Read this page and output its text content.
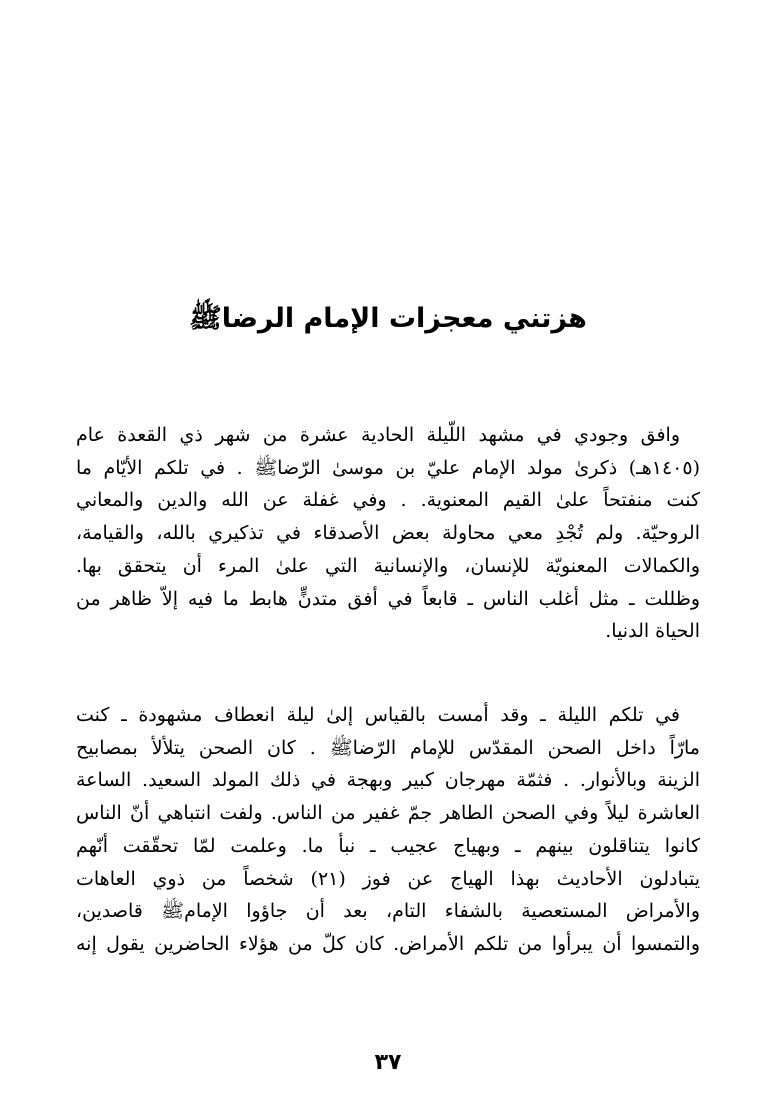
هزتني معجزات الإمام الرضاﷺ

وافق وجودي في مشهد اللّيلة الحادية عشرة من شهر ذي القعدة عام
(١٤٠٥هـ) ذكرىٰ مولد الإمام عليّ بن موسىٰ الرّضاﷺ . في تلكم الأيّام ما
كنت منفتحاً علىٰ القيم المعنوية. . وفي غفلة عن الله والدين والمعاني
الروحيّة. ولم تُجْدِ معي محاولة بعض الأصدقاء في تذكيري بالله، والقيامة،
والكمالات المعنويّة للإنسان، والإنسانية التي علىٰ المرء أن يتحقق بها.
وظللت ـ مثل أغلب الناس ـ قابعاً في أفق متدنٍّ هابط ما فيه إلاّ ظاهر من
الحياة الدنيا.

في تلكم الليلة ـ وقد أمست بالقياس إلىٰ ليلة انعطاف مشهودة ـ كنت
مارّاً داخل الصحن المقدّس للإمام الرّضاﷺ . كان الصحن يتلألأ بمصابيح
الزينة وبالأنوار. . فثمّة مهرجان كبير وبهجة في ذلك المولد السعيد. الساعة
العاشرة ليلاً وفي الصحن الطاهر جمّ غفير من الناس. ولفت انتباهي أنّ الناس
كانوا يتناقلون بينهم ـ وبهياج عجيب ـ نبأ ما. وعلمت لمّا تحقّقت أنّهم
يتبادلون الأحاديث بهذا الهياج عن فوز (٢١) شخصاً من ذوي العاهات
والأمراض المستعصية بالشفاء التام، بعد أن جاؤوا الإمامﷺ قاصدين،
والتمسوا أن يبرأوا من تلكم الأمراض. كان كلّ من هؤلاء الحاضرين يقول إنه

٣٧
